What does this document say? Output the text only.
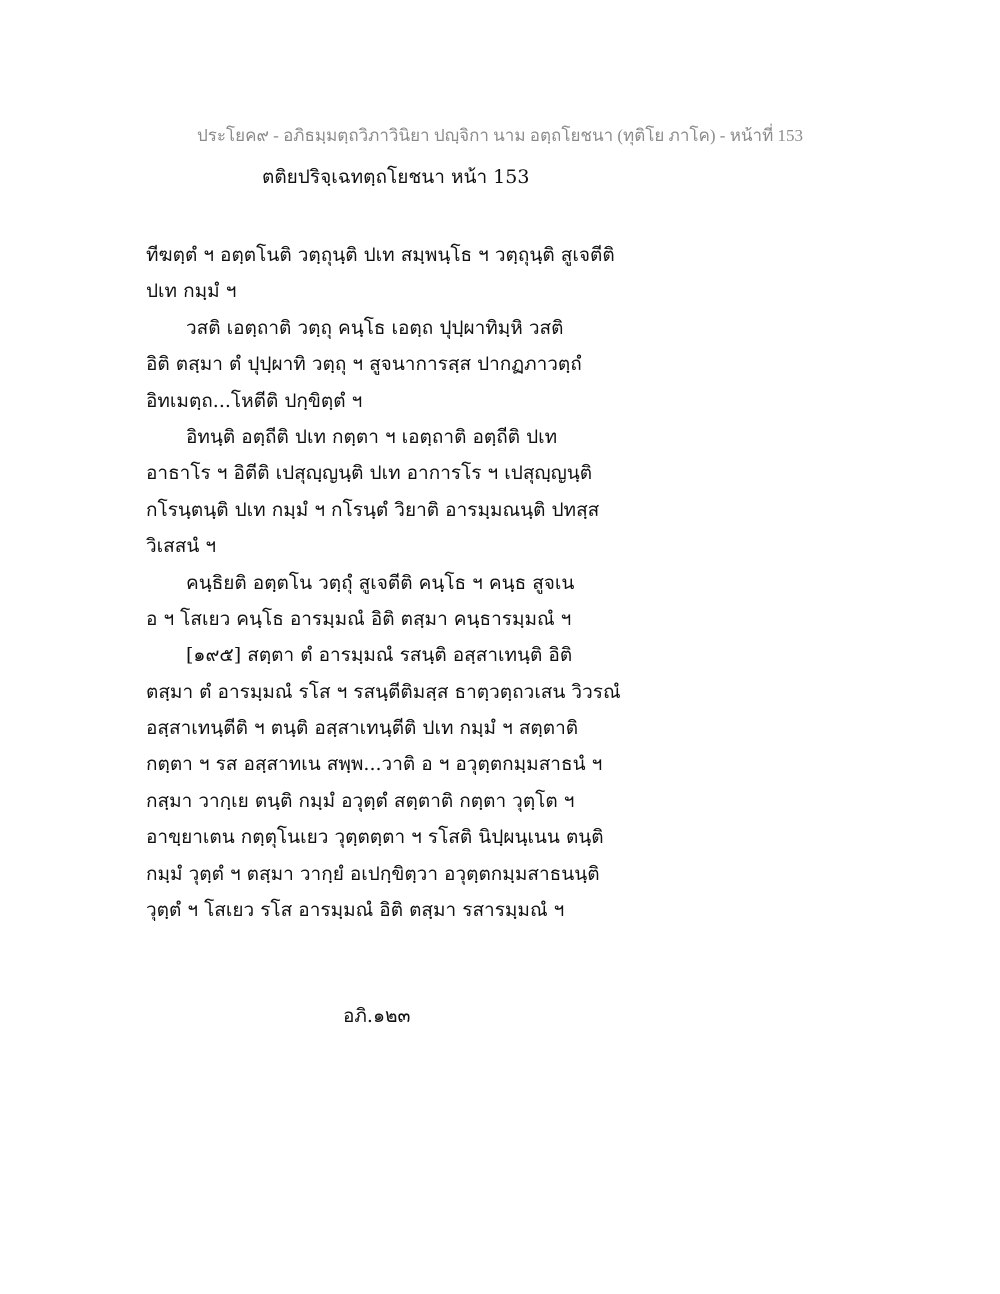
ประโยค๙ - อภิธมฺมตฺถวิภาวินิยา ปญฺจิกา นาม อตฺถโยชนา (ทุติโย ภาโค) - หน้าที่ 153
ตติยปริจฺเฉทตฺถโยชนา หน้า 153
ทีฆตฺตํ ฯ อตฺตโนติ วตฺถุนฺติ ปเท สมฺพนฺโธ ฯ วตฺถุนฺติ สูเจตีติ
ปเท กมฺมํ ฯ
วสติ เอตฺถาติ วตฺถุ คนฺโธ เอตฺถ ปุปฺผาทิมฺหิ วสติ
อิติ ตสฺมา ตํ ปุปฺผาทิ วตฺถุ ฯ สูจนาการสฺส ปากฏภาวตฺถํ
อิทเมตฺถ...โหตีติ ปกฺขิตฺตํ ฯ
อิทนฺติ อตฺถีติ ปเท กตฺตา ฯ เอตฺถาติ อตฺถีติ ปเท
อาธาโร ฯ อิตีติ เปสุญฺญนฺติ ปเท อาการโร ฯ เปสุญฺญนฺติ
กโรนฺตนฺติ ปเท กมฺมํ ฯ กโรนฺตํ วิยาติ อารมฺมณนฺติ ปทสฺส
วิเสสนํ ฯ
คนฺธิยติ อตฺตโน วตฺถุํ สูเจตีติ คนฺโธ ฯ คนฺธ สูจเน
อ ฯ โสเยว คนฺโธ อารมฺมณํ อิติ ตสฺมา คนฺธารมฺมณํ ฯ
[๑๙๕] สตฺตา ตํ อารมฺมณํ รสนฺติ อสฺสาเทนฺติ อิติ
ตสฺมา ตํ อารมฺมณํ รโส ฯ รสนฺตีติมสฺส ธาตฺวตฺถวเสน วิวรณํ
อสฺสาเทนฺตีติ ฯ ตนฺติ อสฺสาเทนฺตีติ ปเท กมฺมํ ฯ สตฺตาติ
กตฺตา ฯ รส อสฺสาทเน สพฺพ...วาติ อ ฯ อวุตฺตกมฺมสาธนํ ฯ
กสฺมา วากฺเย ตนฺติ กมฺมํ อวุตฺตํ สตฺตาติ กตฺตา วุตฺโต ฯ
อาขฺยาเตน กตฺตุโนเยว วุตฺตตฺตา ฯ รโสติ นิปฺผนฺเนน ตนฺติ
กมฺมํ วุตฺตํ ฯ ตสฺมา วากฺยํ อเปกฺขิตฺวา อวุตฺตกมฺมสาธนนฺติ
วุตฺตํ ฯ โสเยว รโส อารมฺมณํ อิติ ตสฺมา รสารมฺมณํ ฯ
อภิ.๑๒๓
